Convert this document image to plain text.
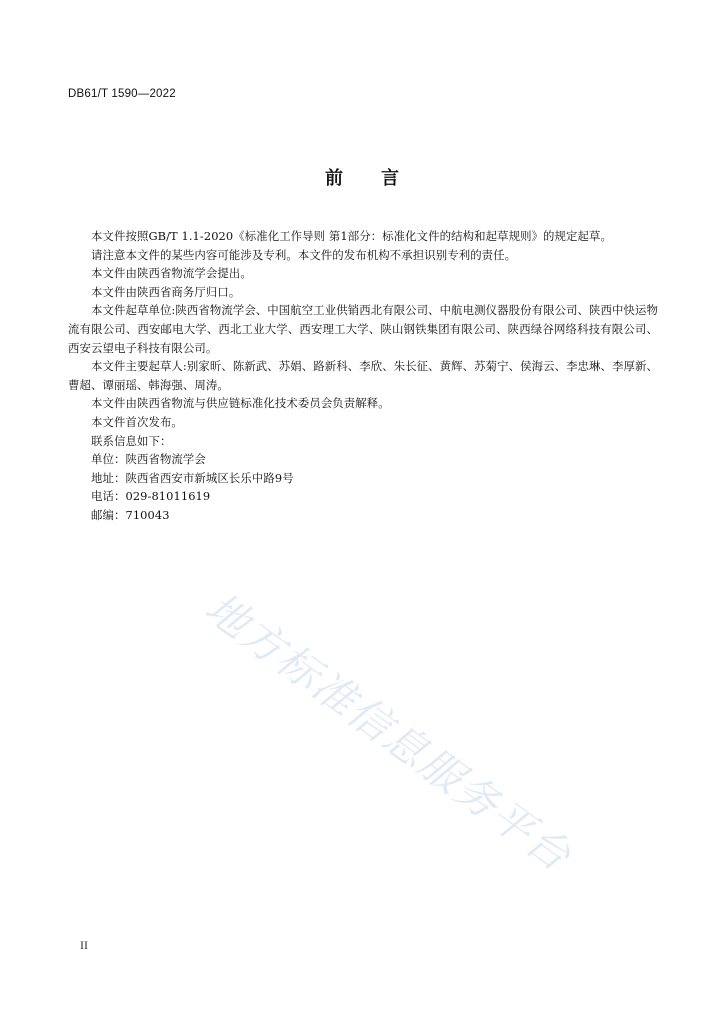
DB61/T 1590—2022
前言

本文件按照GB/T 1.1-2020《标准化工作导则 第1部分：标准化文件的结构和起草规则》的规定起草。

请注意本文件的某些内容可能涉及专利。本文件的发布机构不承担识别专利的责任。

本文件由陕西省物流学会提出。

本文件由陕西省商务厅归口。

本文件起草单位:陕西省物流学会、中国航空工业供销西北有限公司、中航电测仪器股份有限公司、陕西中快运物流有限公司、西安邮电大学、西北工业大学、西安理工大学、陕山钢铁集团有限公司、陕西绿谷网络科技有限公司、西安云望电子科技有限公司。

本文件主要起草人:别家昕、陈新武、苏娟、路新科、李欣、朱长征、黄辉、苏菊宁、侯海云、李忠琳、李厚新、曹超、谭丽瑶、韩海强、周涛。

本文件由陕西省物流与供应链标准化技术委员会负责解释。

本文件首次发布。

联系信息如下：

单位：陕西省物流学会

地址：陕西省西安市新城区长乐中路9号

电话：029-81011619

邮编：710043

地方标准信息服务平台
II
